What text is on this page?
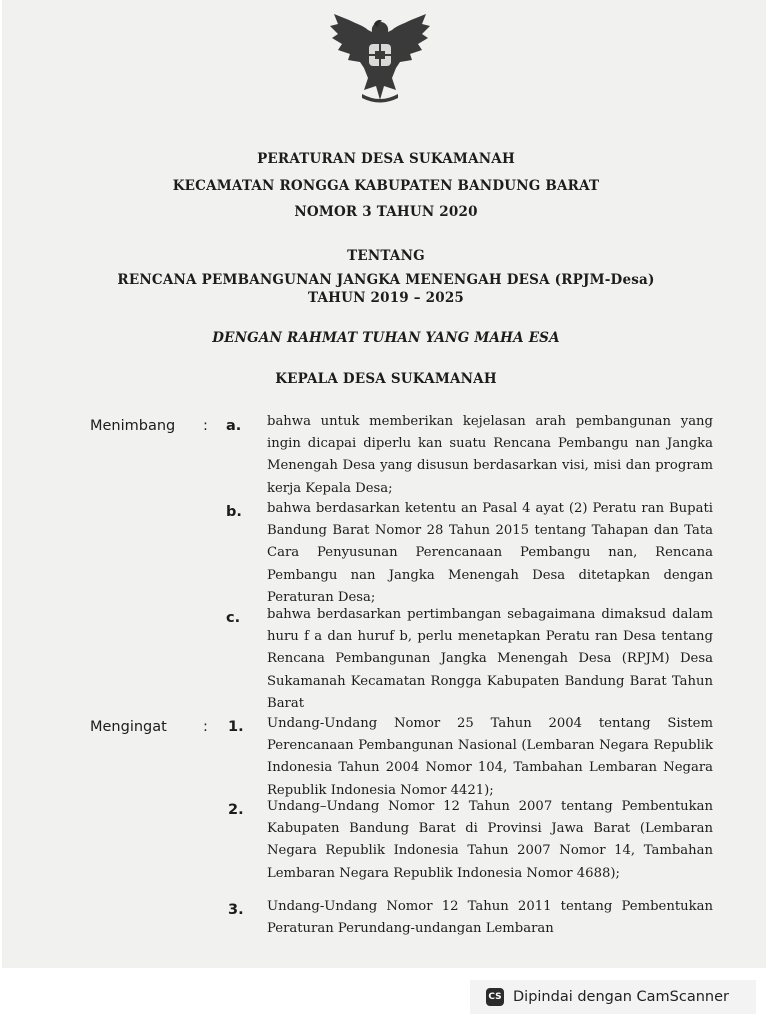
PERATURAN DESA SUKAMANAH
KECAMATAN RONGGA KABUPATEN BANDUNG BARAT
NOMOR 3 TAHUN 2020
TENTANG
RENCANA PEMBANGUNAN JANGKA MENENGAH DESA (RPJM-Desa)
TAHUN 2019 – 2025
DENGAN RAHMAT TUHAN YANG MAHA ESA
KEPALA DESA SUKAMANAH
Menimbang : a. bahwa untuk memberikan kejelasan arah pembangunan yang ingin dicapai diperlu kan suatu Rencana Pembangu nan Jangka Menengah Desa yang disusun berdasarkan visi, misi dan program kerja Kepala Desa;

b. bahwa berdasarkan ketentu an Pasal 4 ayat (2) Peratu ran Bupati Bandung Barat Nomor 28 Tahun 2015 tentang Tahapan dan Tata Cara Penyusunan Perencanaan Pembangu nan, Rencana Pembangu nan Jangka Menengah Desa ditetapkan dengan Peraturan Desa;

c. bahwa berdasarkan pertimbangan sebagaimana dimaksud dalam huru f a dan huruf b, perlu menetapkan Peratu ran Desa tentang Rencana Pembangunan Jangka Menengah Desa (RPJM) Desa Sukamanah Kecamatan Rongga Kabupaten Bandung Barat Tahun Barat

Mengingat : 1. Undang-Undang Nomor 25 Tahun 2004 tentang Sistem Perencanaan Pembangunan Nasional (Lembaran Negara Republik Indonesia Tahun 2004 Nomor 104, Tambahan Lembaran Negara Republik Indonesia Nomor 4421);

2. Undang–Undang Nomor 12 Tahun 2007 tentang Pembentukan Kabupaten Bandung Barat di Provinsi Jawa Barat (Lembaran Negara Republik Indonesia Tahun 2007 Nomor 14, Tambahan Lembaran Negara Republik Indonesia Nomor 4688);

3. Undang-Undang Nomor 12 Tahun 2011 tentang Pembentukan Peraturan Perundang-undangan Lembaran

CS Dipindai dengan CamScanner
